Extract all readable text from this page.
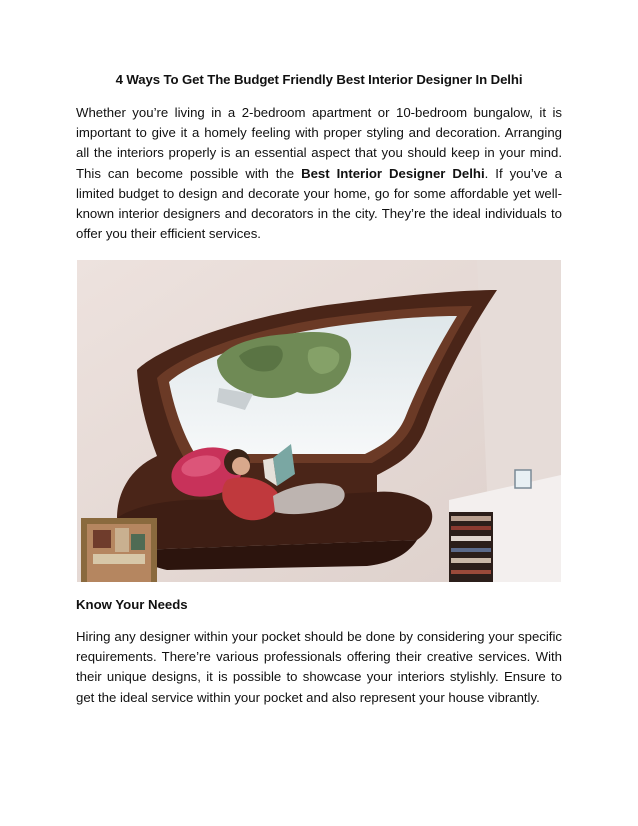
4 Ways To Get The Budget Friendly Best Interior Designer In Delhi

Whether you’re living in a 2-bedroom apartment or 10-bedroom bungalow, it is important to give it a homely feeling with proper styling and decoration. Arranging all the interiors properly is an essential aspect that you should keep in your mind. This can become possible with the Best Interior Designer Delhi. If you’ve a limited budget to design and decorate your home, go for some affordable yet well-known interior designers and decorators in the city. They’re the ideal individuals to offer you their efficient services.

Know Your Needs

Hiring any designer within your pocket should be done by considering your specific requirements. There’re various professionals offering their creative services. With their unique designs, it is possible to showcase your interiors stylishly. Ensure to get the ideal service within your pocket and also represent your house vibrantly.
